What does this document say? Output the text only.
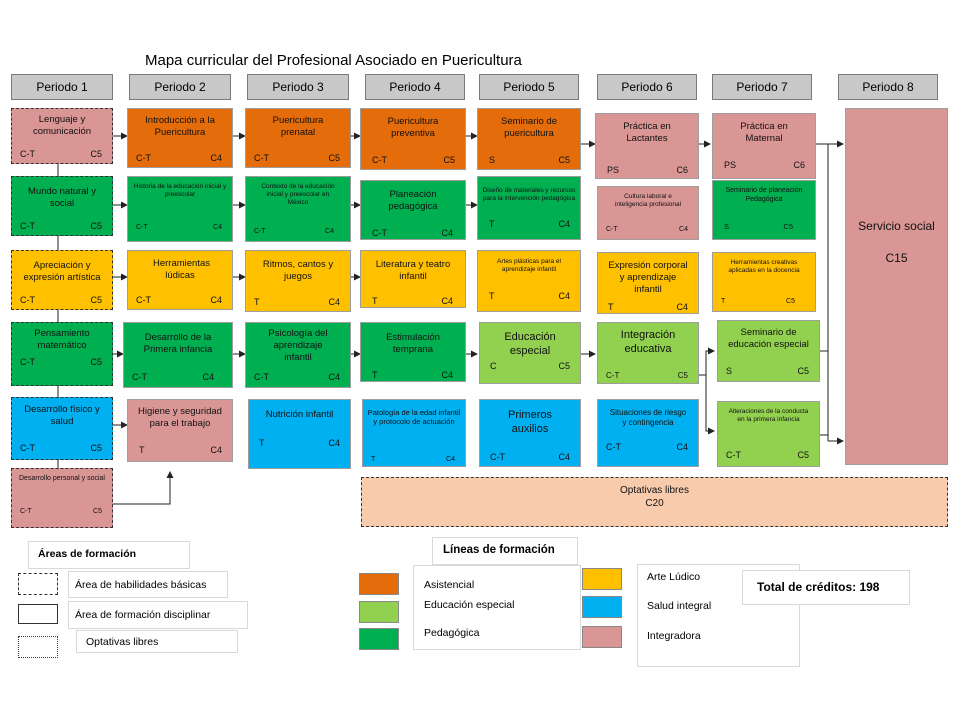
Mapa curricular del Profesional Asociado en Puericultura
Periodo 1	Periodo 2	Periodo 3	Periodo 4	Periodo 5	Periodo 6	Periodo 7	Periodo 8
Lenguaje y comunicación
C-T	C5
Mundo natural y social
C-T	C5
Apreciación y expresión artística
C-T	C5
Pensamiento matemático
C-T	C5
Desarrollo físico y salud
C-T	C5
Desarrollo personal y social
C-T	C5
Introducción a la Puericultura
C-T	C4
Historia de la educación inicial y preescolar
C-T	C4
Herramientas lúdicas
C-T	C4
Desarrollo de la Primera infancia
C-T	C4
Higiene y seguridad para el trabajo
T	C4
Puericultura prenatal
C-T	C5
Contexto de la educación inicial y preescolar en México
C-T	C4
Ritmos, cantos y juegos
T	C4
Psicología del aprendizaje infantil
C-T	C4
Nutrición infantil
T	C4
Puericultura preventiva
C-T	C5
Planeación pedagógica
C-T	C4
Literatura y teatro infantil
T	C4
Estimulación temprana
T	C4
Patología de la edad infantil y protocolo de actuación
T	C4
Seminario de puericultura
S	C5
Diseño de materiales y recursos para la intervención pedagógica
T	C4
Artes plásticas para el aprendizaje infantil
T	C4
Educación especial
C	C5
Primeros auxilios
C-T	C4
Práctica en Lactantes
PS	C6
Cultura laboral e inteligencia profesional
C-T	C4
Expresión corporal y aprendizaje infantil
T	C4
Integración educativa
C-T	C5
Situaciones de riesgo y contingencia
C-T	C4
Práctica en Maternal
PS	C6
Seminario de planeación Pedagógica
S	C5
Herramientas creativas aplicadas en la docencia
T	C5
Seminario de educación especial
S	C5
Alteraciones de la conducta en la primera infancia
C-T	C5
Servicio social
C15
Optativas libres
C20
Áreas de formación
Área de habilidades básicas
Área de formación disciplinar
Optativas libres
Líneas de formación
Asistencial
Educación especial
Pedagógica
Arte Lúdico
Salud integral
Integradora
Total de créditos: 198
